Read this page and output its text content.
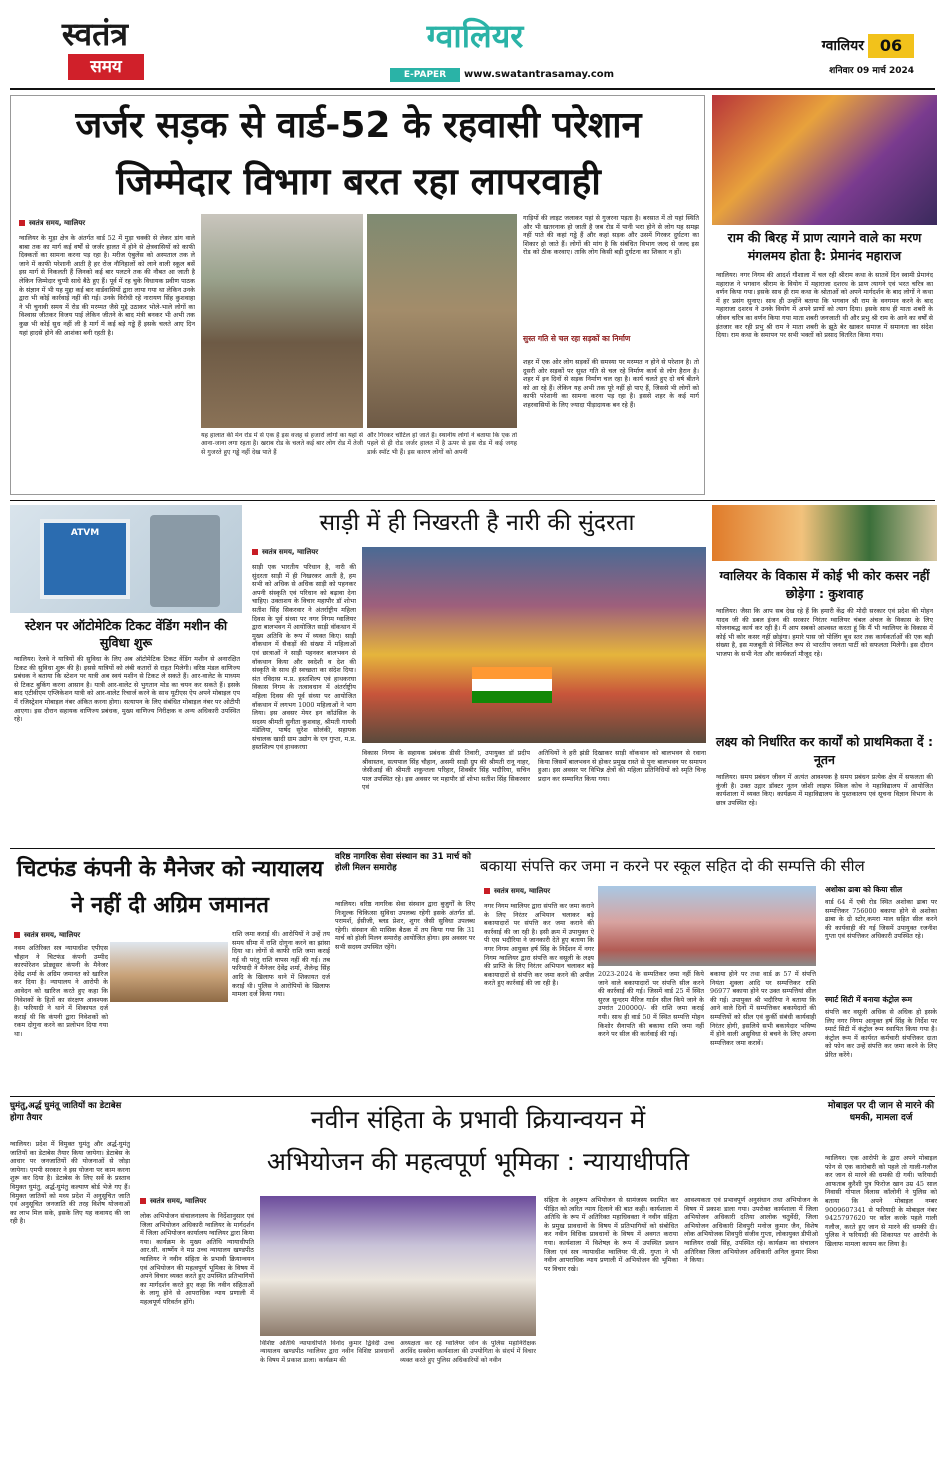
स्वतंत्र
समय
ग्वालियर
E-PAPER	www.swatantrasamay.com
ग्वालियर 06
शनिवार 09 मार्च 2024
जर्जर सड़क से वार्ड-52 के रहवासी परेशान
जिम्मेदार विभाग बरत रहा लापरवाही
स्वतंत्र समय, ग्वालियर
ग्वालियर के मुड़ा क्षेत्र के अंतर्गत वार्ड 52 में मुड़ा चक्की से लेकर डांग वाले बाबा तक का मार्ग कई वर्षों से जर्जर हालत में होने से क्षेत्रवासियों को काफी दिक्कतों का सामना करना पड़ रहा है। मरीज एंबुलेंस को अस्पताल तक ले जाने में काफी परेशानी आती है हर रोज नौनिहालों को लाने वाली स्कूल बसें इस मार्ग से निकलती हैं जिनको कई बार पलटने तक की नौबत आ जाती है लेकिन जिम्मेदार चुप्पी साधे बैठे हुए हैं। पूर्व में रह चुके विधायक प्रवीण पाठक के संज्ञान में भी यह मुद्दा कई बार वार्डवासियों द्वारा लाया गया था लेकिन उनके द्वारा भी कोई कार्रवाई नहीं की गई। उनके विरोधी रहे नारायण सिंह कुशवाहा ने भी चुनावी समय में रोड की मरम्मत जैसे मुद्दे उठाकर भोले-भाले लोगों का विश्वास जीतकर विजय पाई लेकिन जीतने के बाद मंत्री बनकर भी अभी तक कुछ भी कोई सुध नहीं ली है मार्ग में कई बड़े गड्ढे हैं इसके चलते आए दिन यहां हादसे होने की आशंका बनी रहती है।
यह हालात की मेन रोड में से एक है इस वजह से हजारों लोगों का यहां से आना-जाना लगा रहता है। खराब रोड के चलते कई बार लोग रोड में तेजी से गुजरते हुए गड्ढे नहीं देख पाते हैं
और गिरकर चोटिल हो जाते हैं। स्थानीय लोगों ने बताया कि एक तो पहले से ही रोड जर्जर हालत में है ऊपर से इस रोड में कई जगह डार्क स्पॉट भी हैं। इस कारण लोगों को अपनी
गाड़ियों की लाइट जलाकर यहां से गुजरना पड़ता है। बरसात में तो यहां स्थिति और भी खतरनाक हो जाती है जब रोड में पानी भरा होने से लोग यह समझ नहीं पाते की कहां गड्ढे हैं और कहां सड़क और उसमें गिरकर दुर्घटना का शिकार हो जाते हैं। लोगों की मांग है कि संबंधित विभाग जल्द से जल्द इस रोड को ठीक करवाए। ताकि लोग किसी बड़ी दुर्घटना का शिकार न हों।
सुस्त गति से चल रहा सड़कों का निर्माण
शहर में एक ओर लोग सड़कों की समस्या पर मरम्मत न होने से परेशान है। तो दूसरी ओर सड़कों पर सुस्त गति से चल रहे निर्माण कार्य से लोग हैरान है। शहर में इन दिनों से सड़क निर्माण चल रहा है। कार्य चलते हुए दो वर्ष बीतने को आ रहे हैं। लेकिन यह अभी तक पूरे नहीं हो पाए हैं, जिससे भी लोगों को काफी परेशानी का सामना करना पड़ रहा है। इससे शहर के कई मार्ग शहरवासियों के लिए ज्यादा पीड़ादायक बन रहे हैं।
राम की बिरह में प्राण त्यागने वाले का मरण मंगलमय होता है: प्रेमानंद महाराज
ग्वालियर। नगर निगम की आदर्श गौशाला में चल रही श्रीराम कथा के सातवें दिन स्वामी प्रेमानंद महाराज ने भगवान श्रीराम के वियोग में महाराजा दशरथ के प्राण त्यागने एवं भरत चरित्र का वर्णन किया गया। इसके साथ ही राम कथा के श्रोताओं को अपने मार्गदर्शन के बाद लोगों ने कथा में हर प्रसंग सुनाए। साथ ही उन्होंने बताया कि भगवान श्री राम के वनगमन करने के बाद महाराजा दशरथ ने उनके वियोग में अपने प्राणों को त्याग दिया। इसके साथ ही माता शबरी के जीवन चरित्र का वर्णन किया गया माता शबरी जनजाती थी और प्रभु श्री राम के आने का वर्षों से इंतजार कर रही प्रभु श्री राम ने माता शबरी के झूठे बेर खाकर समाज में समानता का संदेश दिया। राम कथा के समापन पर सभी भक्तों को प्रसाद वितरित किया गया।
ATVM
स्टेशन पर ऑटोमेटिक टिकट वेंडिंग मशीन की सुविधा शुरू
ग्वालियर। रेलवे ने यात्रियों की सुविधा के लिए अब ऑटोमेटिक टिकट वेंडिंग मशीन से अनारक्षित टिकट की सुविधा शुरू की है। इससे यात्रियों को लंबी कतारों से राहत मिलेगी। वरिष्ठ मंडल वाणिज्य प्रबंधक ने बताया कि स्टेशन पर यात्री अब स्वयं मशीन से टिकट ले सकते हैं। आर-वालेट के माध्यम से टिकट बुकिंग करना आसान है। यात्री आर-वालेट से भुगतान मोड का चयन कर सकते हैं। इसके बाद एटीवीएम एप्लिकेशन यात्री को आर-वालेट रिचार्ज करने के साथ यूटीएस ऐप अपने मोबाइल एप में रजिस्ट्रेशन मोबाइल नंबर अंकित करना होगा। सत्यापन के लिए संबंधित मोबाइल नंबर पर ओटीपी आएगा। इस दौरान सहायक वाणिज्य प्रबंधक, मुख्य वाणिज्य निरीक्षक व अन्य अधिकारी उपस्थित रहे।
साड़ी में ही निखरती है नारी की सुंदरता
स्वतंत्र समय, ग्वालियर
साड़ी एक भारतीय परिधान है, नारी की सुंदरता साड़ी में ही निखरकर आती है, हम सभी को अधिक से अधिक साड़ी को पहनकर अपनी संस्कृति एवं परिधान को बढ़ावा देना चाहिए। उक्ताशय के विचार महापौर डॉ शोभा सतीश सिंह सिकरवार ने अंतर्राष्ट्रीय महिला दिवस के पूर्व संध्या पर नगर निगम ग्वालियर द्वारा बालभवन में आयोजित साड़ी वॉकथान में मुख्य अतिथि के रूप में व्यक्त किए। साड़ी वॉकथान में सैकड़ों की संख्या में महिलाओं एवं छात्राओं ने साड़ी पहनकर बालभवन से वॉकथान किया और स्वदेशी व देश की संस्कृति के साथ ही स्वच्छता का संदेश दिया। संत रविदास म.प्र. हस्तशिल्प एवं हाथकरघा विकास निगम के तत्वावधान में अंतर्राष्ट्रीय महिला दिवस की पूर्व संध्या पर आयोजित वॉकथान में लगभग 1000 महिलाओं ने भाग लिया। इस अवसर मेयर इन कॉउंसिल के सदस्य श्रीमती सुनीता कुशवाह, श्रीमती गायत्री मंडेलिया, पार्षद सुरेश सोलंकी, सहायक संचालक खादी ग्राम उद्योग के एन गुप्ता, म.प्र. हस्तशिल्प एवं हाथकरघा
विकास निगम के सहायक प्रबंधक डीसी तिवारी, उपायुक्त डॉ प्रदीप श्रीवास्तव, सत्यपाल सिंह चौहान, असमी साड़ी ग्रुप की श्रीमती रानू नाहर, जेसीआई की श्रीमती शकुन्तला परिहार, शिवबीर सिंह भदौरिया, सचिन पाल उपस्थित रहे। इस अवसर पर महापौर डॉ शोभा सतीश सिंह सिकरवार एवं
अतिथियों ने हरी झंडी दिखाकर साड़ी वॉकथान को बालभवन से रवाना किया जिसमें बालभवन से होकर प्रमुख रास्ते से पुनः बालभवन पर समापन हुआ। इस अवसर पर विभिन्न क्षेत्रों की महिला प्रतिनिधियों को स्मृति चिन्ह प्रदान कर सम्मानित किया गया।
ग्वालियर के विकास में कोई भी कोर कसर नहीं छोड़ेगा : कुशवाह
ग्वालियर। जैसा कि आप सब देख रहे हैं कि हमारी केंद्र की मोदी सरकार एवं प्रदेश की मोहन यादव जी की डबल इंजन की सरकार निरंतर ग्वालियर चंबल अंचल के विकास के लिए योजनाबद्ध कार्य कर रही है। मैं आप सबको आश्वस्त करता हूं कि मैं भी ग्वालियर के विकास में कोई भी कोर कसर नहीं छोड़ूंगा। हमारे पास जो पोलिंग बूथ स्तर तक कार्यकर्ताओं की एक बड़ी संख्या है, इस मजबूती से निश्चित रूप से भारतीय जनता पार्टी को सफलता मिलेगी। इस दौरान भाजपा के सभी नेता और कार्यकर्ता मौजूद रहे।
लक्ष्य को निर्धारित कर कार्यों को प्राथमिकता दें : नूतन
ग्वालियर। समय प्रबंधन जीवन में अत्यंत आवश्यक है समय प्रबंधन प्रत्येक क्षेत्र में सफलता की कुंजी है। उक्त उद्गार डॉक्टर नूतन जोशी लाइफ स्किल कोच ने महाविद्यालय में आयोजित कार्यशाला में व्यक्त किए। कार्यक्रम में महाविद्यालय के पुस्तकालय एवं सूचना विज्ञान विभाग के छात्र उपस्थित रहे।
चिटफंड कंपनी के मैनेजर को न्यायालय ने नहीं दी अग्रिम जमानत
स्वतंत्र समय, ग्वालियर
नवम अतिरिक्त सत्र न्यायाधीश एपीएस चौहान ने चिटफंड कंपनी उम्मीद कारपोरेशन प्रोड्यूसर कंपनी के मैनेजर देवेंद्र शर्मा के अग्रिम जमानत को खारिज कर दिया है। न्यायालय ने आरोपी के आवेदन को खारिज करते हुए कहा कि निवेशकों के हितों का संरक्षण आवश्यक है। फरियादी ने थाने में शिकायत दर्ज कराई थी कि कंपनी द्वारा निवेशकों को रकम दोगुना करने का प्रलोभन दिया गया था।
राशि जमा कराई थी। आरोपियों ने उन्हें तय समय सीमा में राशि दोगुना करने का झांसा दिया था। लोगों से काफी राशि जमा कराई गई थी परंतु राशि वापस नहीं की गई। तब फरियादी ने मैनेजर देवेंद्र शर्मा, शैलेन्द्र सिंह आदि के खिलाफ थाने में शिकायत दर्ज कराई थी। पुलिस ने आरोपियों के खिलाफ मामला दर्ज किया गया।
वरिष्ठ नागरिक सेवा संस्थान का 31 मार्च को होली मिलन समारोह
ग्वालियर। वरिष्ठ नागरिक सेवा संस्थान द्वारा बुजुर्गों के लिए निःशुल्क चिकित्सा सुविधा उपलब्ध रहेगी इसके अंतर्गत डॉ. परामर्श, ईसीजी, ब्लड प्रेशर, शुगर जैसी सुविधा उपलब्ध रहेगी। संस्थान की मासिक बैठक में तय किया गया कि 31 मार्च को होली मिलन समारोह आयोजित होगा। इस अवसर पर सभी सदस्य उपस्थित रहेंगे।
बकाया संपत्ति कर जमा न करने पर स्कूल सहित दो की सम्पत्ति की सील
स्वतंत्र समय, ग्वालियर
नगर निगम ग्वालियर द्वारा संपत्ति कर जमा कराने के लिए निरंतर अभियान चलाकर बड़े बकायादारों पर संपत्ति कर जमा कराने की कार्रवाई की जा रही है। इसी क्रम में उपायुक्त ऐ पी एस भदौरिया ने जानकारी देते हुए बताया कि नगर निगम आयुक्त हर्ष सिंह के निर्देशन में नगर निगम ग्वालियर द्वारा संपत्ति कर वसूली के लक्ष्य की प्राप्ति के लिए निरंतर अभियान चलाकर बड़े बकायादारों से संपत्ति कर जमा करने की अपील करते हुए कार्रवाई की जा रही है।
2023-2024 के सम्पतिकर जमा नहीं किये जाने वाले बकायादारों पर संपत्ति सील करने की कार्रवाई की गई। जिसमें वार्ड 25 में स्थित सुरज सुन्दरम मैरिज गार्डन सील किये जाने के उपरांत 200000/- की राशि जमा कराई गयी। साथ ही वार्ड 50 में स्थित सम्पत्ति मोहन किशोर सैनापति की बकाया राशि जमा नहीं करने पर सील की कार्रवाई की गई।
बकाया होने पर तथा वार्ड क्र 57 में संपत्ति नियंता शुक्ला आदि पर सम्पत्तिकर राशि 96977 बकाया होने पर उक्त सम्पत्तियां सील की गई। उपायुक्त श्री भदौरिया ने बताया कि आने वाले दिनों में सम्पत्तिकर बकायेदारों की सम्पत्तियों को सील एवं कुर्की संबंधी कार्यवाही निरंतर होगी, इसलिये सभी बकायेदार भविष्य में होने वाली असुविधा से बचने के लिए अपना सम्पत्तिकर जमा करावें।
अशोका ढाबा को किया सील
वार्ड 64 में एबी रोड स्थित अशोका ढाबा पर सम्पत्तिकर 756000 बकाया होने से अशोका ढाबा के दो स्टोर,कमरा माल सहित सील करने की कार्यवाही की गई जिसमें उपायुक्त रजनीश गुप्ता एवं संपत्तिकर अधिकारी उपस्थित रहे।
स्मार्ट सिटी में बनाया कंट्रोल रूम
संपत्ति कर वसूली अधिक से अधिक हो इसके लिए नगर निगम आयुक्त हर्ष सिंह के निर्देश पर स्मार्ट सिटी में कंट्रोल रूम स्थापित किया गया है। कंट्रोल रूम में कार्यरत कर्मचारी संपत्तिकर दाता को फोन कर उन्हें संपत्ति कर जमा करने के लिए प्रेरित करेंगे।
घुमंतु,अर्द्ध घुमंतू जातियों का डेटाबेस होगा तैयार
ग्वालियर। प्रदेश में विमुक्त घुमंतु और अर्द्ध-घुमंतु जातियों का डेटाबेस तैयार किया जायेगा। डेटाबेस के आधार पर जनजातियों की योजनाओं से जोड़ा जायेगा। एमपी सरकार ने इस योजना पर काम करना शुरू कर दिया है। डेटाबेस के लिए सर्वे के प्रस्ताव विमुक्त घुमंतु, अर्द्ध-घुमंतु कल्याण बोर्ड भेजे गए हैं। विमुक्त जातियों को मध्य प्रदेश में अनुसूचित जाति एवं अनुसूचित जनजाति की तरह विशेष योजनाओं का लाभ मिल सके, इसके लिए यह कवायद की जा रही है।
नवीन संहिता के प्रभावी क्रियान्वयन में
अभियोजन की महत्वपूर्ण भूमिका : न्यायाधीपति
स्वतंत्र समय, ग्वालियर
लोक अभियोजन संचालनालय के निर्देशानुसार एवं जिला अभियोजन अधिकारी ग्वालियर के मार्गदर्शन में जिला अभियोजन कार्यालय ग्वालियर द्वारा किया गया। कार्यक्रम के मुख्य अतिथि न्यायाधीपति आर.सी. वार्ष्णेय ने मप्र उच्च न्यायालय खण्डपीठ ग्वालियर ने नवीन संहिता के प्रभावी क्रियान्वयन एवं अभियोजन की महत्वपूर्ण भूमिका के विषय में अपने विचार व्यक्त करते हुए उपस्थित प्रतिभागियों का मार्गदर्शन करते हुए कहा कि नवीन संहिताओं के लागू होने से आपराधिक न्याय प्रणाली में महत्वपूर्ण परिवर्तन होंगे।
विशिष्ट अतिथि न्यायाधीपति विनोद कुमार द्विवेदी उच्च न्यायालय खण्डपीठ ग्वालियर द्वारा नवीन विशिष्ट प्रावधानों के विषय में प्रकाश डाला। कार्यक्रम की
अध्यक्षता कर रहे ग्वालियर जोन के पुलिस महानिरीक्षक अरविंद सक्सेना कार्यशाला की उपयोगिता के संदर्भ में विचार व्यक्त करते हुए पुलिस अधिकारियों को नवीन
संहिता के अनुरूप अभियोजन से सामंजस्य स्थापित कर पीड़ित को त्वरित न्याय दिलाने की बात कही। कार्यशाला में अतिथि के रूप में अतिरिक्त महाधिवक्ता ने नवीन संहिता के प्रमुख प्रावधानों के विषय में प्रतिभागियों को संबोधित कर नवीन विधिक प्रावधानों के विषय में अवगत कराया गया। कार्यशाला में विशेषज्ञ के रूप में उपस्थित प्रधान जिला एवं सत्र न्यायाधीश ग्वालियर पी.सी. गुप्ता ने भी नवीन आपराधिक न्याय प्रणाली में अभियोजन की भूमिका पर विचार रखे।
आवश्यकता एवं प्रभावपूर्ण अनुसंधान तथा अभियोजन के विषय में प्रकाश डाला गया। उपरोक्त कार्यशाला में जिला अभियोजन अधिकारी दतिया आलोक चतुर्वेदी, जिला अभियोजन अधिकारी शिवपुरी मनोज कुमार जैन, विशेष लोक अभियोजक शिवपुरी संजीव गुप्ता, लोकायुक्त डीपीओ ग्वालियर राखी सिंह, उपस्थित रहे। कार्यक्रम का संचालन अतिरिक्त जिला अभियोजन अधिकारी अनिल कुमार मिश्रा ने किया।
मोबाइल पर दी जान से मारने की धमकी, मामला दर्ज
ग्वालियर। एक आरोपी के द्वारा अपने मोबाइल फोन से एक कारोबारी को पहले तो गाली-गलौज कर जान से मारने की धमकी दी गयी। फरियादी आफताब कुरैशी पुत्र फिरोज खान उम्र 45 साल निवासी गोपाल विलास कॉलोनी ने पुलिस को बताया कि अपने मोबाइल नम्बर 9009607341 से फरियादी के मोबाइल नंबर 9425797620 पर कॉल करके पहले गाली गलौज, करते हुए जान से मारने की धमकी दी। पुलिस ने फरियादी की शिकायत पर आरोपी के खिलाफ मामला कायम कर लिया है।
